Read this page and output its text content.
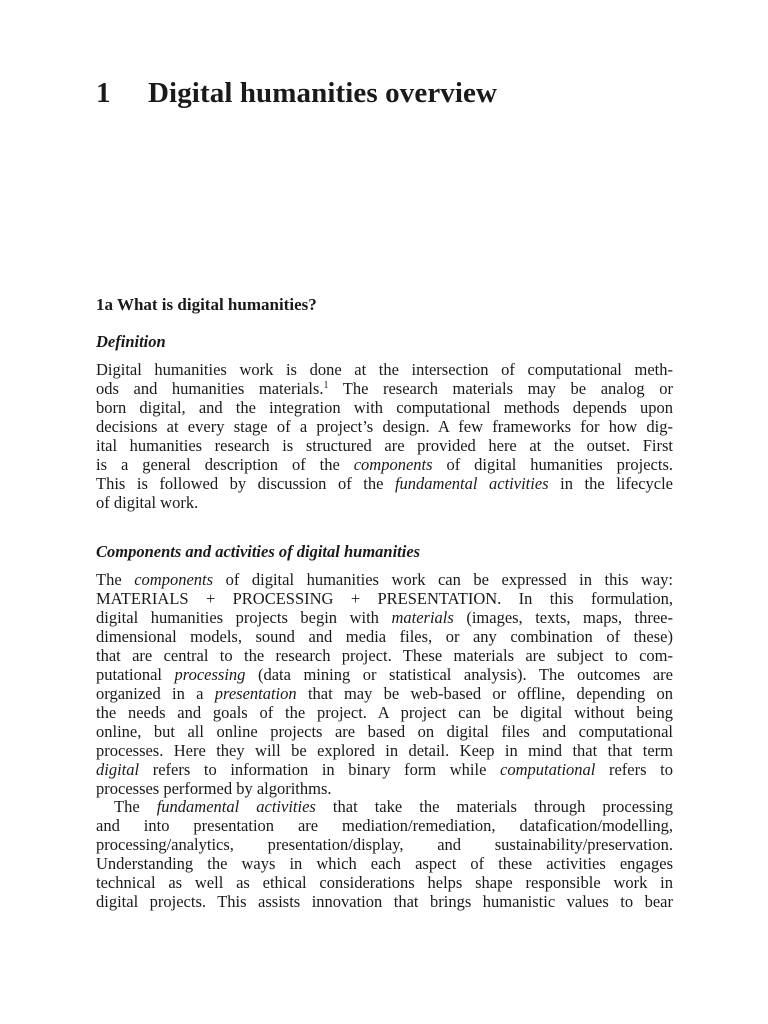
1 Digital humanities overview
1a What is digital humanities?
Definition

Digital humanities work is done at the intersection of computational meth-
ods and humanities materials.$^1$ The research materials may be analog or
born digital, and the integration with computational methods depends upon
decisions at every stage of a project’s design. A few frameworks for how dig-
ital humanities research is structured are provided here at the outset. First
is a general description of the components of digital humanities projects.
This is followed by discussion of the fundamental activities in the lifecycle
of digital work.

Components and activities of digital humanities

The components of digital humanities work can be expressed in this way:
MATERIALS + PROCESSING + PRESENTATION. In this formulation,
digital humanities projects begin with materials (images, texts, maps, three-
dimensional models, sound and media files, or any combination of these)
that are central to the research project. These materials are subject to com-
putational processing (data mining or statistical analysis). The outcomes are
organized in a presentation that may be web-based or offline, depending on
the needs and goals of the project. A project can be digital without being
online, but all online projects are based on digital files and computational
processes. Here they will be explored in detail. Keep in mind that that term
digital refers to information in binary form while computational refers to
processes performed by algorithms.

The fundamental activities that take the materials through processing
and into presentation are mediation/remediation, datafication/modelling,
processing/analytics, presentation/display, and sustainability/preservation.
Understanding the ways in which each aspect of these activities engages
technical as well as ethical considerations helps shape responsible work in
digital projects. This assists innovation that brings humanistic values to bear
